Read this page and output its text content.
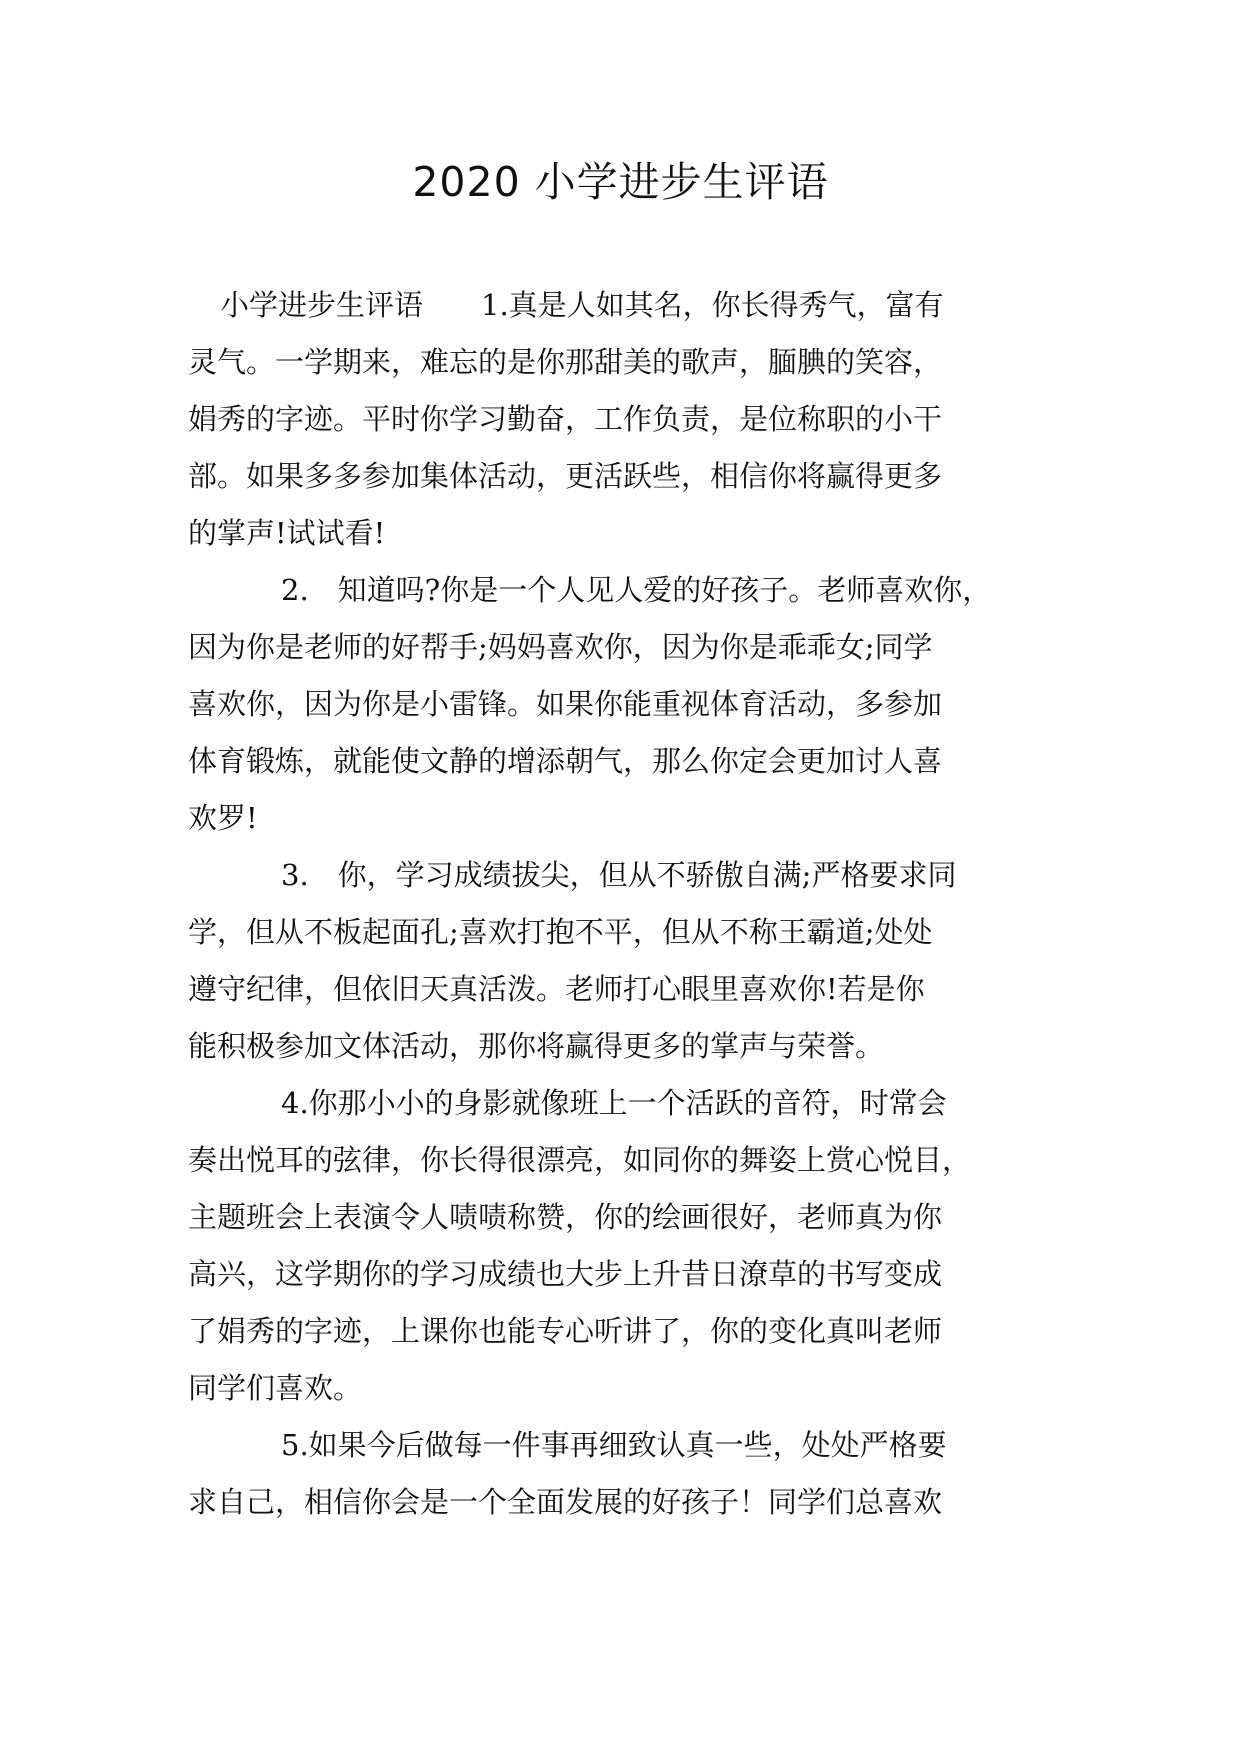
2020 小学进步生评语

小学进步生评语　　1.真是人如其名，你长得秀气，富有
灵气。一学期来，难忘的是你那甜美的歌声，腼腆的笑容，
娟秀的字迹。平时你学习勤奋，工作负责，是位称职的小干
部。如果多多参加集体活动，更活跃些，相信你将赢得更多
的掌声!试试看!

2.　知道吗?你是一个人见人爱的好孩子。老师喜欢你，
因为你是老师的好帮手;妈妈喜欢你，因为你是乖乖女;同学
喜欢你，因为你是小雷锋。如果你能重视体育活动，多参加
体育锻炼，就能使文静的增添朝气，那么你定会更加讨人喜
欢罗!

3.　你，学习成绩拔尖，但从不骄傲自满;严格要求同
学，但从不板起面孔;喜欢打抱不平，但从不称王霸道;处处
遵守纪律，但依旧天真活泼。老师打心眼里喜欢你!若是你
能积极参加文体活动，那你将赢得更多的掌声与荣誉。

4.你那小小的身影就像班上一个活跃的音符，时常会
奏出悦耳的弦律，你长得很漂亮，如同你的舞姿上赏心悦目，
主题班会上表演令人啧啧称赞，你的绘画很好，老师真为你
高兴，这学期你的学习成绩也大步上升昔日潦草的书写变成
了娟秀的字迹，上课你也能专心听讲了，你的变化真叫老师
同学们喜欢。

5.如果今后做每一件事再细致认真一些，处处严格要
求自己，相信你会是一个全面发展的好孩子！同学们总喜欢
